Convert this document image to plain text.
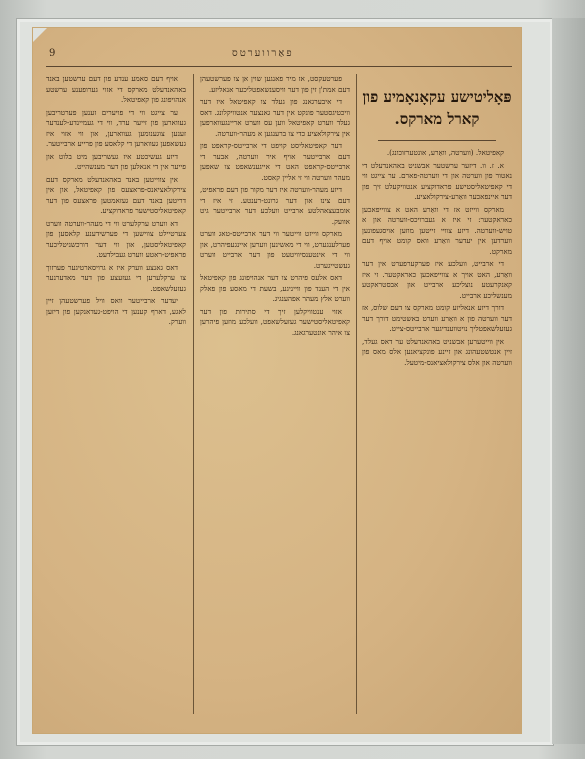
9	פאַרווערטס
פּאָליטישע עקאָנאָמיע פון קארל מארקס.

קאפיטאל. (ווערטה, וואַרע, אונטערזוכונג).

א. ז. וו. דיזער ערשטער אבשניט באהאנדעלט די נאטור פון ווערטה און די ווערטה-פארם. ער צייגט ווי די קאפיטאליסטישע פראדוקציע אנטוויקעלט זיך פון דער איינפאכער וואַרע-צירקולאציע.

מארקס ווייזט אז די וואַרע האט א צווייפאכען כאראקטער: זי איז א געברויכס-ווערטה און א טויש-ווערטה. דיזע צוויי זייטען מוזען אויסגעפונען ווערדען אין יעדער וואַרע וואס קומט אויף דעם מארקט.

די ארבייט, וועלכע איז פערקערפערט אין דער וואַרע, האט אויך א צווייפאכען כאראקטער. זי איז קאנקרעטע נוצליכע ארבייט און אבסטראקטע מענשליכע ארבייט.

דורך דיזע אנאליזע קומט מארקס צו דעם שלוס, אז דער ווערטה פון א וואַרע ווערט באשטימט דורך דער געזעלשאפטליך נויטווענדיגער ארבייטס-צייט.

אין ווייטערען אבשניט באהאנדעלט ער דאס געלד, זיין אנטשטעהונג און זיינע פונקציאנען אלס מאס פון ווערטה און אלס צירקולאציאנס-מיטעל.

פערטעקסט, אז מיר פאנגען שוין אן צו פערשטעהן דעם אמת'ן זין פון דער וויסענשאפטליכער אנאליזע.

די איבערגאנג פון געלד צו קאפיטאל איז דער וויכטיגסטער פונקט אין דער גאנצער אנטוויקלונג. דאס געלד ווערט קאפיטאל ווען עס ווערט אריינגעווארפען אין צירקולאציע כדי צו ברענגען א מעהר-ווערטה.

דער קאפיטאליסט קויפט די ארבייטס-קראפט פון דעם ארבייטער אויף איר ווערטה, אבער די ארבייטס-קראפט האט די אייגענשאפט צו שאפען מעהר ווערטה ווי זי אליין קאסט.

דיזע מעהר-ווערטה איז דער מקור פון דעם פראפיט, דעם צינז און דער גרונט-רענטע. זי איז די אומבעצאהלטע ארבייט וועלכע דער ארבייטער גיט אוועק.

מארקס ווייזט ווייטער ווי דער ארבייטס-טאג ווערט פערלענגערט, ווי די מאשינען ווערען איינגעפיהרט, און ווי די אינטענסיוויטעט פון דער ארבייט ווערט געשטייגערט.

דאס אלעס פיהרט צו דער אנהויפונג פון קאפיטאל אין די הענד פון ווייניגע, בשעת די מאסע פון פאלק ווערט אלץ מעהר אפהענגיג.

אזוי ענטוויקלען זיך די סתירות פון דער קאפיטאליסטישער געזעלשאפט, וועלכע מוזען פיהרען צו איהר אונטערגאנג.

אויף דעם סאמע ענדע פון דעם ערשטען באנד באהאנדעלט מארקס די אזוי גערופענע ערשטע אנהויפונג פון קאפיטאל.

ער צייגט ווי די פויערים זענען פערטריבען געווארען פון זייער ערד, ווי די געמיינדע-לענדער זענען צוגענומען געווארען, און ווי אזוי איז געשאפען געווארען די קלאסע פון פרייע ארבייטער.

דיזע געשיכטע איז געשריבען מיט בלוט און פייער אין די אנאלען פון דער מענשהייט.

אין צווייטען באנד באהאנדעלט מארקס דעם צירקולאציאנס-פראצעס פון קאפיטאל, און אין דריטען באנד דעם געזאמטען פראצעס פון דער קאפיטאליסטישער פראדוקציע.

דא ווערט ערקלערט ווי די מעהר-ווערטה ווערט צערטיילט צווישען די פערשידענע קלאסען פון קאפיטאליסטען, און ווי דער דורכשניטליכער פראפיט-ראטע ווערט געבילדעט.

דאס גאנצע ווערק איז א גרויסארטיגער פערזוך צו ערקלערען די געזעצע פון דער מאדערנער געזעלשאפט.

יעדער ארבייטער וואס וויל פערשטעהן זיין לאגע, דארף קענען די הויפט-געדאנקען פון דיזען ווערק.
